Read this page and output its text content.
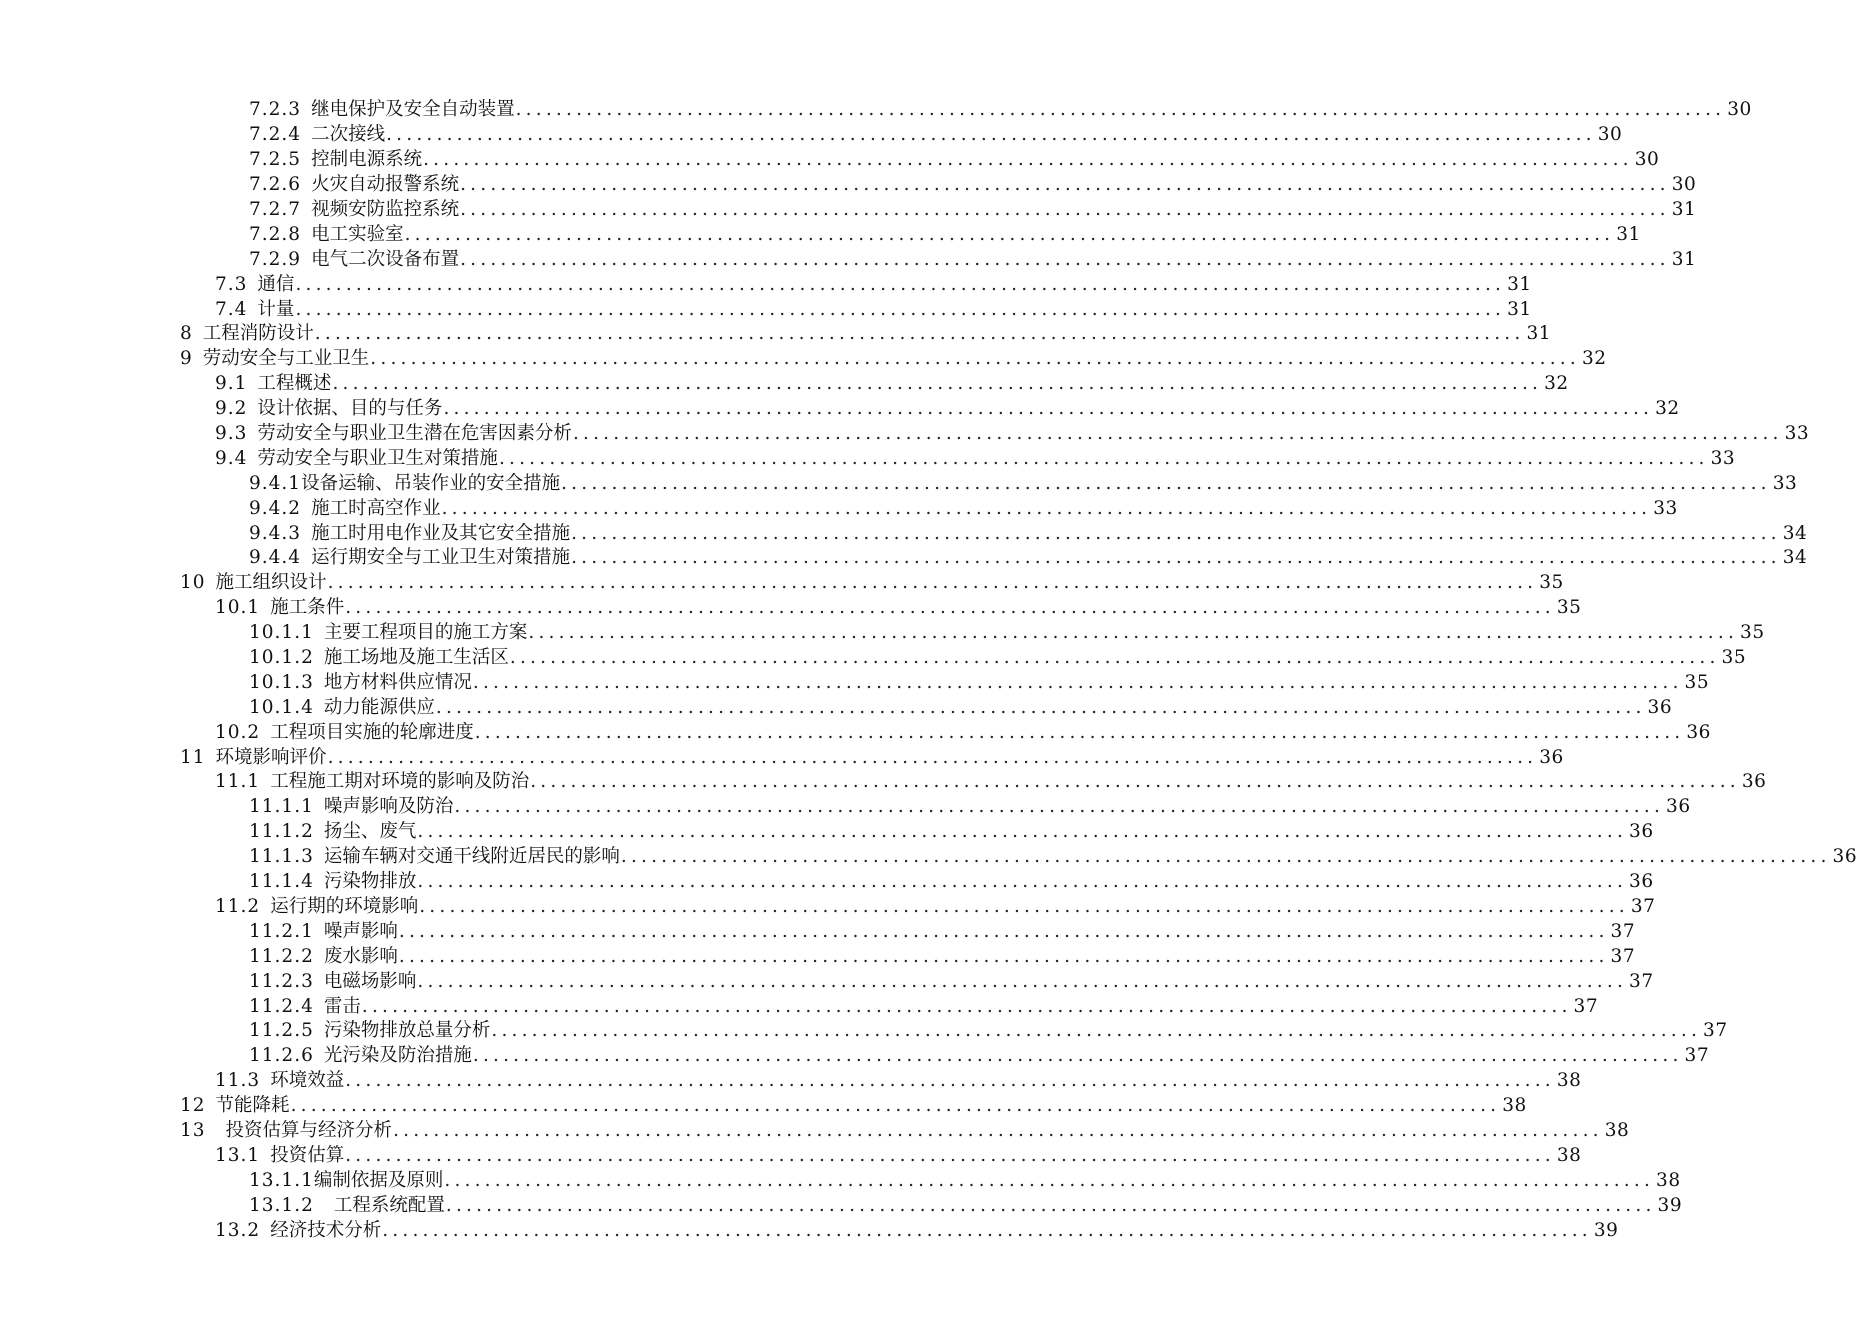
7.2.3 继电保护及安全自动装置 ........................................................................................................................ 30
7.2.4 二次接线 ........................................................................................................................ 30
7.2.5 控制电源系统 ........................................................................................................................ 30
7.2.6 火灾自动报警系统 ........................................................................................................................ 30
7.2.7 视频安防监控系统 ........................................................................................................................ 31
7.2.8 电工实验室 ........................................................................................................................ 31
7.2.9 电气二次设备布置 ........................................................................................................................ 31
7.3 通信 ........................................................................................................................ 31
7.4 计量 ........................................................................................................................ 31
8 工程消防设计 ........................................................................................................................ 31
9 劳动安全与工业卫生 ........................................................................................................................ 32
9.1 工程概述 ........................................................................................................................ 32
9.2 设计依据、目的与任务 ........................................................................................................................ 32
9.3 劳动安全与职业卫生潜在危害因素分析 ........................................................................................................................ 33
9.4 劳动安全与职业卫生对策措施 ........................................................................................................................ 33
9.4.1 设备运输、吊装作业的安全措施 ........................................................................................................................ 33
9.4.2 施工时高空作业 ........................................................................................................................ 33
9.4.3 施工时用电作业及其它安全措施 ........................................................................................................................ 34
9.4.4 运行期安全与工业卫生对策措施 ........................................................................................................................ 34
10 施工组织设计 ........................................................................................................................ 35
10.1 施工条件 ........................................................................................................................ 35
10.1.1 主要工程项目的施工方案 ........................................................................................................................ 35
10.1.2 施工场地及施工生活区 ........................................................................................................................ 35
10.1.3 地方材料供应情况 ........................................................................................................................ 35
10.1.4 动力能源供应 ........................................................................................................................ 36
10.2 工程项目实施的轮廓进度 ........................................................................................................................ 36
11 环境影响评价 ........................................................................................................................ 36
11.1 工程施工期对环境的影响及防治 ........................................................................................................................ 36
11.1.1 噪声影响及防治 ........................................................................................................................ 36
11.1.2 扬尘、废气 ........................................................................................................................ 36
11.1.3 运输车辆对交通干线附近居民的影响 ........................................................................................................................ 36
11.1.4 污染物排放 ........................................................................................................................ 36
11.2 运行期的环境影响 ........................................................................................................................ 37
11.2.1 噪声影响 ........................................................................................................................ 37
11.2.2 废水影响 ........................................................................................................................ 37
11.2.3 电磁场影响 ........................................................................................................................ 37
11.2.4 雷击 ........................................................................................................................ 37
11.2.5 污染物排放总量分析 ........................................................................................................................ 37
11.2.6 光污染及防治措施 ........................................................................................................................ 37
11.3 环境效益 ........................................................................................................................ 38
12 节能降耗 ........................................................................................................................ 38
13 投资估算与经济分析 ........................................................................................................................ 38
13.1 投资估算 ........................................................................................................................ 38
13.1.1 编制依据及原则 ........................................................................................................................ 38
13.1.2 工程系统配置 ........................................................................................................................ 39
13.2 经济技术分析 ........................................................................................................................ 39
